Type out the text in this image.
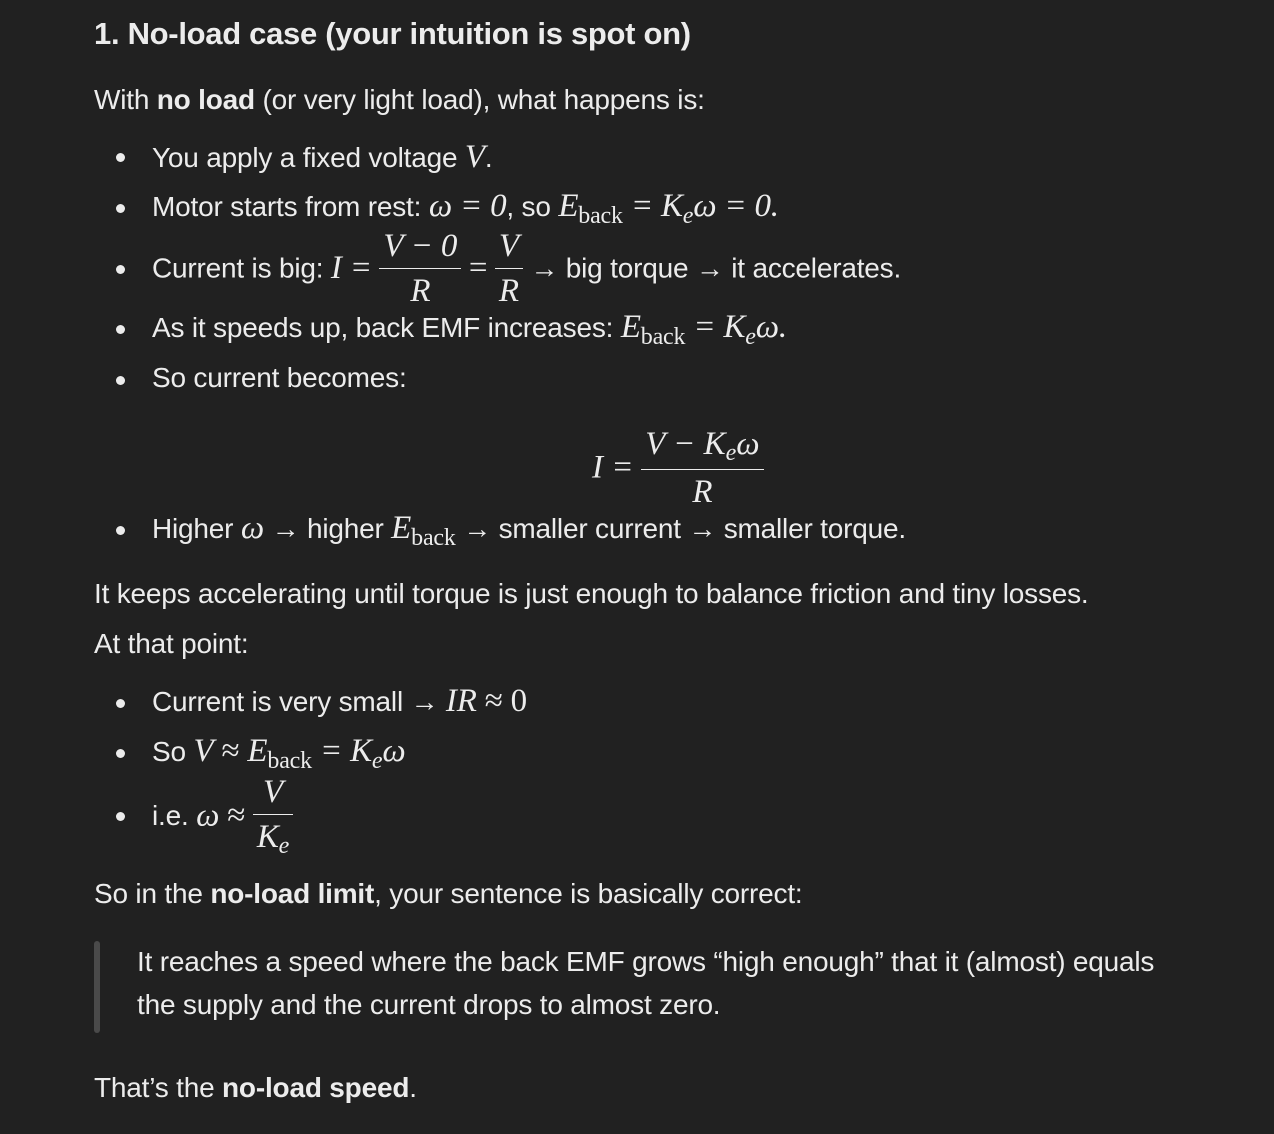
1. No-load case (your intuition is spot on)
With no load (or very light load), what happens is:
You apply a fixed voltage V.
Motor starts from rest: ω = 0, so Eback = Keω = 0.
Current is big: $I = \frac{V - 0}{R} = \frac{V}{R}$ → big torque → it accelerates.
As it speeds up, back EMF increases: Eback = Keω.
So current becomes:
$I = \frac{\text{V − Keω}}{R}$
Higher ω → higher Eback → smaller current → smaller torque.
It keeps accelerating until torque is just enough to balance friction and tiny losses.
At that point:
Current is very small → IR ≈ 0
So V ≈ Eback = Keω
i.e. $\omega \approx \frac{V}{Ke}$
So in the no-load limit, your sentence is basically correct:
It reaches a speed where the back EMF grows “high enough” that it (almost) equals
the supply and the current drops to almost zero.
That’s the no-load speed.
